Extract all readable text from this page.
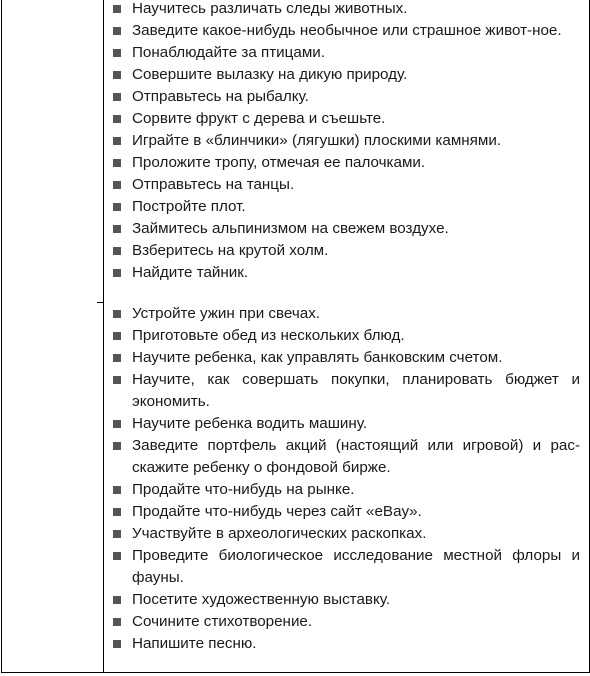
Научитесь различать следы животных.
Заведите какое-нибудь необычное или страшное живот-ное.
Понаблюдайте за птицами.
Совершите вылазку на дикую природу.
Отправьтесь на рыбалку.
Сорвите фрукт с дерева и съешьте.
Играйте в «блинчики» (лягушки) плоскими камнями.
Проложите тропу, отмечая ее палочками.
Отправьтесь на танцы.
Постройте плот.
Займитесь альпинизмом на свежем воздухе.
Взберитесь на крутой холм.
Найдите тайник.
Устройте ужин при свечах.
Приготовьте обед из нескольких блюд.
Научите ребенка, как управлять банковским счетом.
Научите, как совершать покупки, планировать бюджет и экономить.
Научите ребенка водить машину.
Заведите портфель акций (настоящий или игровой) и рас-скажите ребенку о фондовой бирже.
Продайте что-нибудь на рынке.
Продайте что-нибудь через сайт «eBay».
Участвуйте в археологических раскопках.
Проведите биологическое исследование местной флоры и фауны.
Посетите художественную выставку.
Сочините стихотворение.
Напишите песню.
